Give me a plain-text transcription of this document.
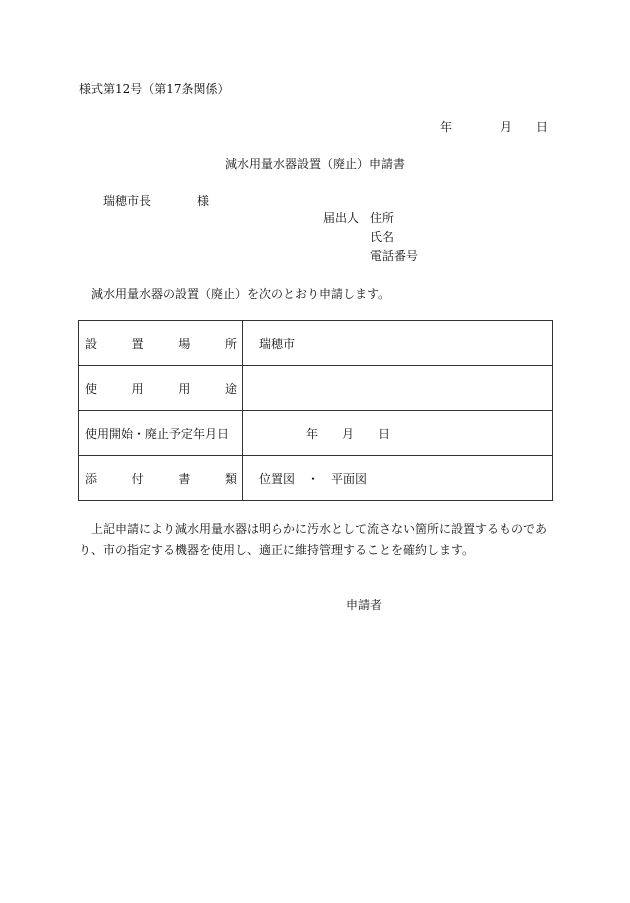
様式第12号（第17条関係）
年	月 日
減水用量水器設置（廃止）申請書
瑞穂市長	様
届出人 住所
氏名
電話番号
減水用量水器の設置（廃止）を次のとおり申請します。
設 置 場 所	瑞穂市

使 用 用 途	

使用開始・廃止予定年月日	年 月 日

添 付 書 類	位置図　・　平面図
上記申請により減水用量水器は明らかに汚水として流さない箇所に設置するものであ
り、市の指定する機器を使用し、適正に維持管理することを確約します。
申請者
